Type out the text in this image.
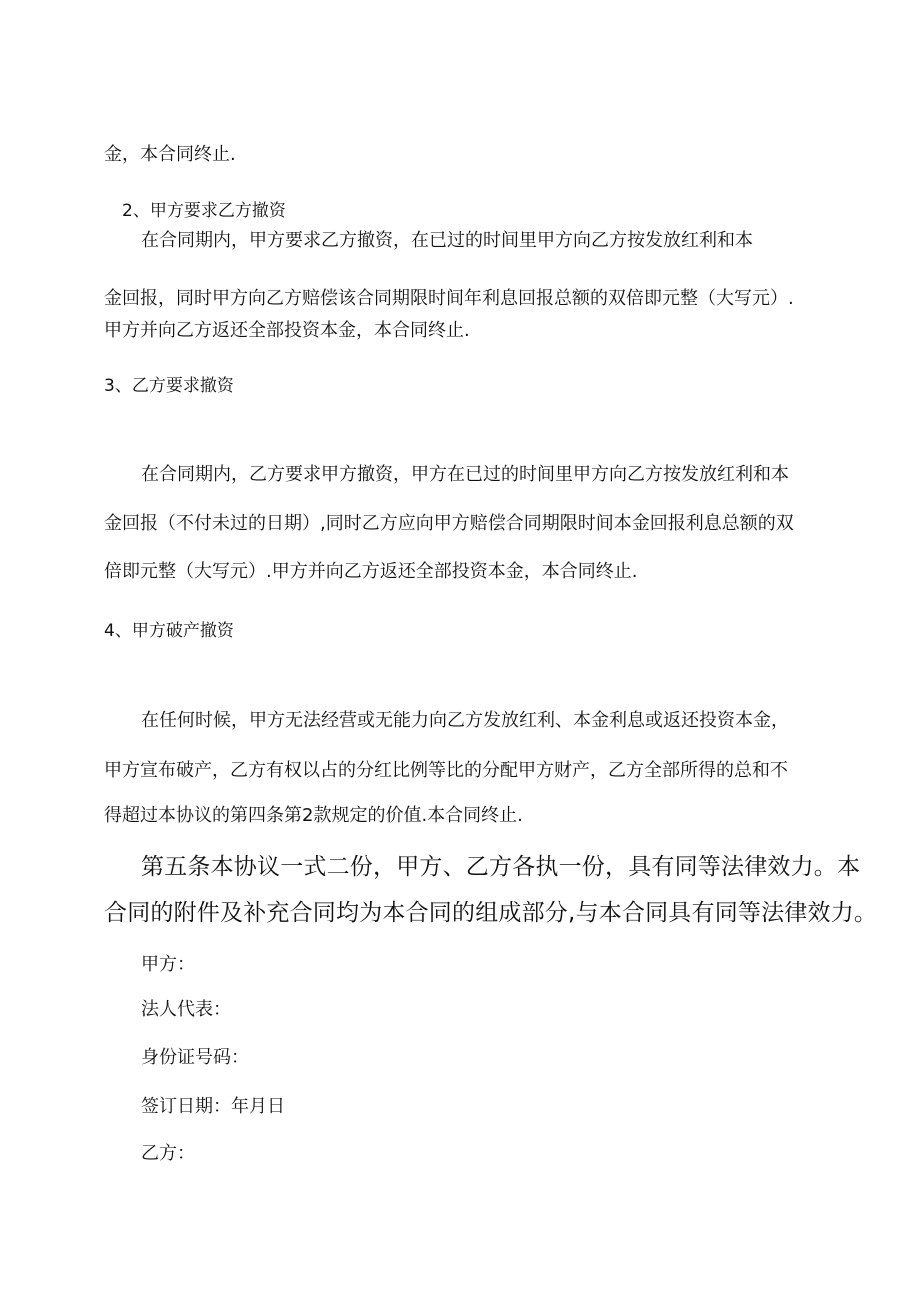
金，本合同终止.
2、甲方要求乙方撤资
在合同期内，甲方要求乙方撤资，在已过的时间里甲方向乙方按发放红利和本
金回报，同时甲方向乙方赔偿该合同期限时间年利息回报总额的双倍即元整（大写元）.
甲方并向乙方返还全部投资本金，本合同终止.
3、乙方要求撤资
在合同期内，乙方要求甲方撤资，甲方在已过的时间里甲方向乙方按发放红利和本
金回报（不付未过的日期）,同时乙方应向甲方赔偿合同期限时间本金回报利息总额的双
倍即元整（大写元）.甲方并向乙方返还全部投资本金，本合同终止.
4、甲方破产撤资
在任何时候，甲方无法经营或无能力向乙方发放红利、本金利息或返还投资本金，
甲方宣布破产，乙方有权以占的分红比例等比的分配甲方财产，乙方全部所得的总和不
得超过本协议的第四条第2款规定的价值.本合同终止.
第五条本协议一式二份，甲方、乙方各执一份，具有同等法律效力。本
合同的附件及补充合同均为本合同的组成部分,与本合同具有同等法律效力。
甲方：
法人代表：
身份证号码：
签订日期：年月日
乙方：
